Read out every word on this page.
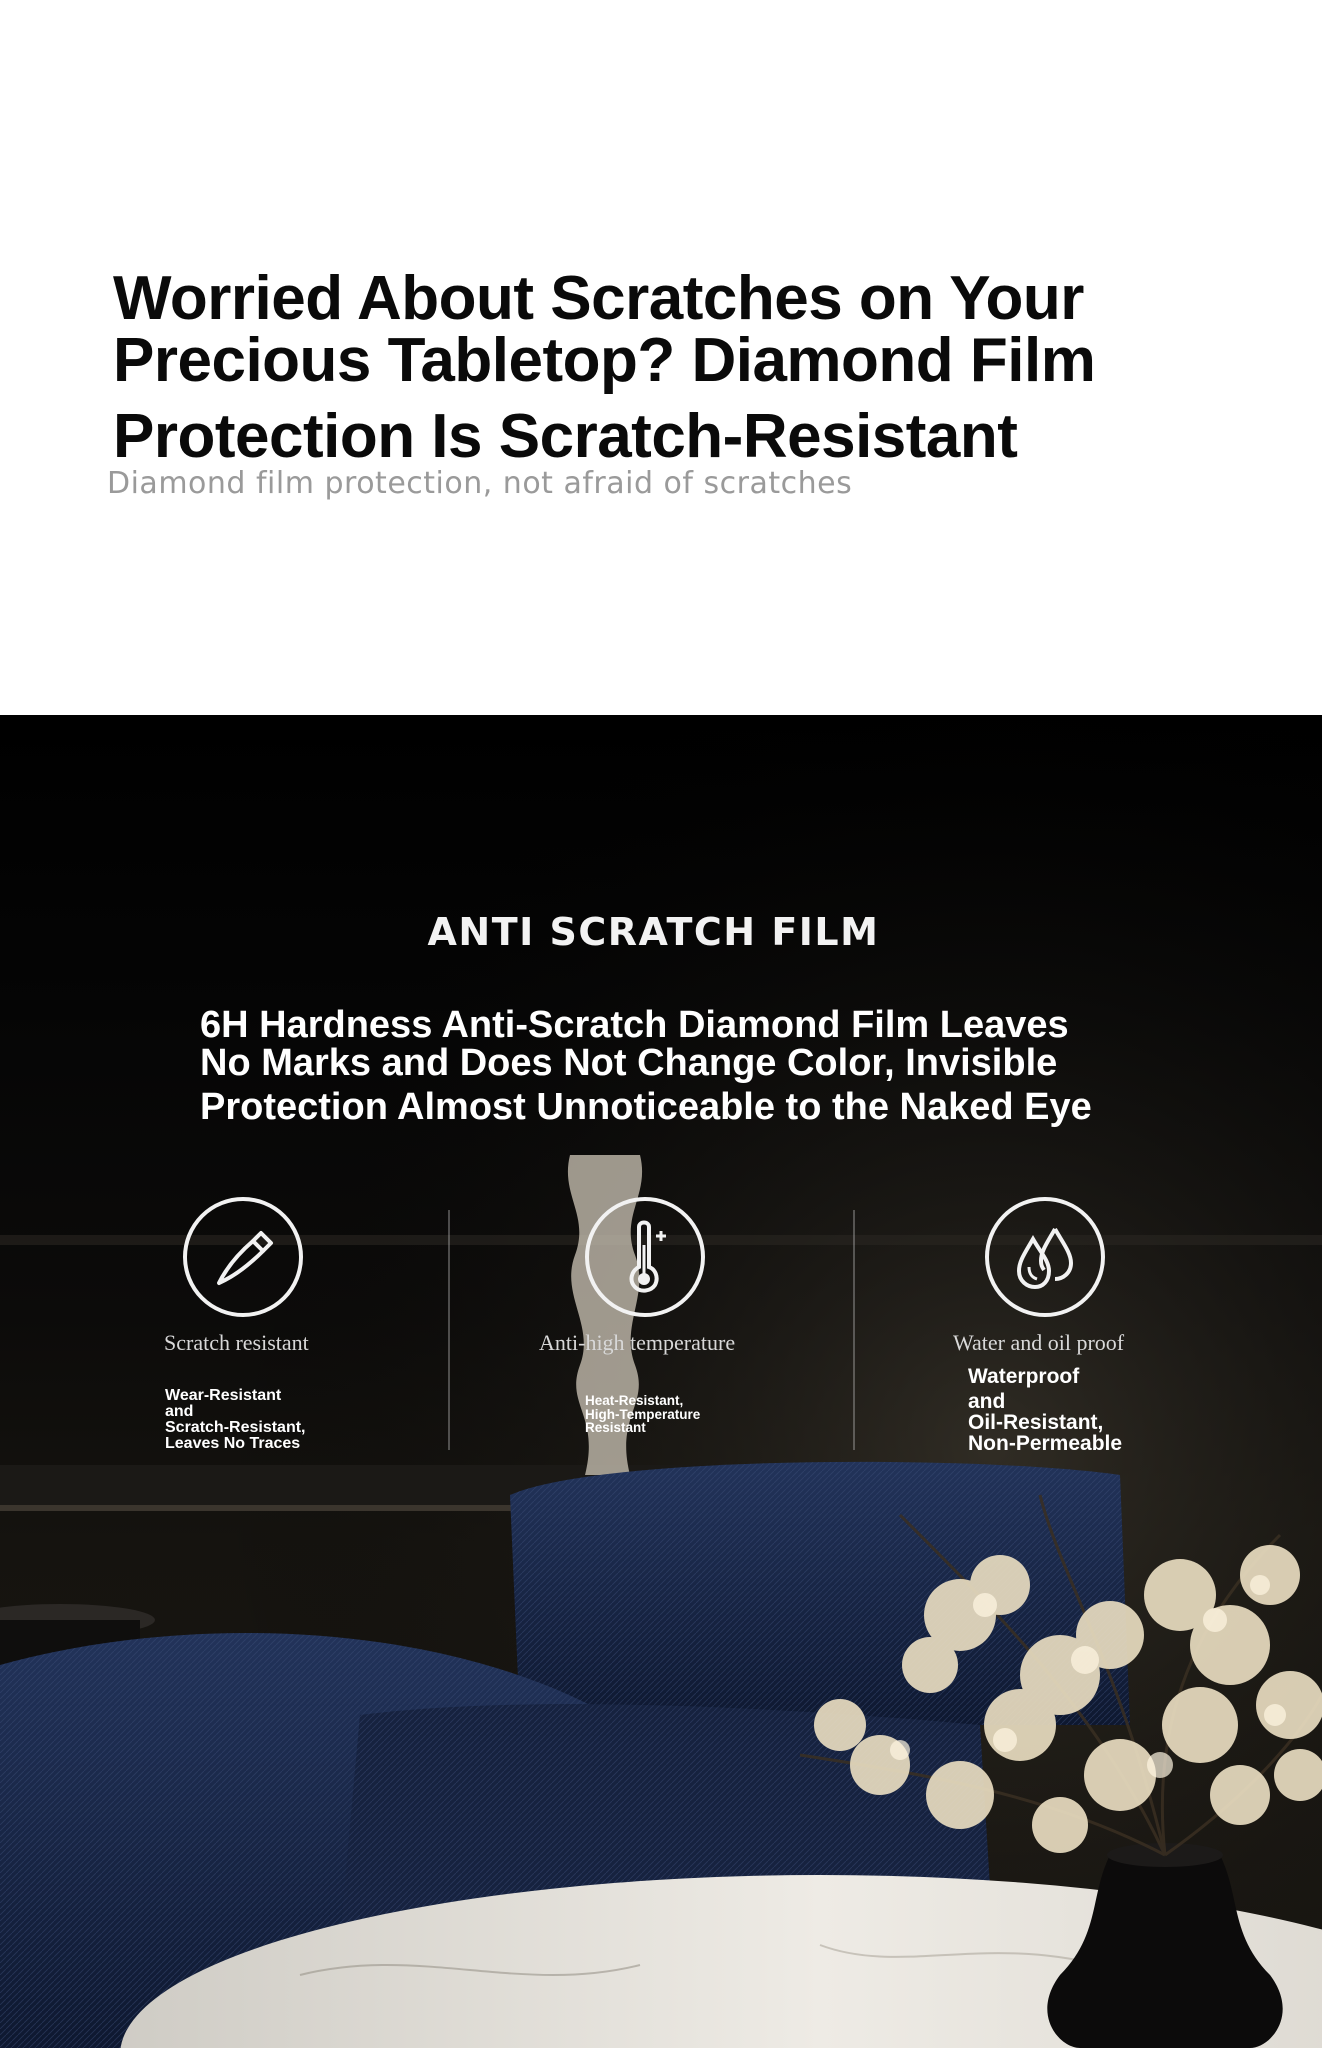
Worried About Scratches on Your
Precious Tabletop? Diamond Film
Protection Is Scratch-Resistant

Diamond film protection, not afraid of scratches

ANTI SCRATCH FILM
6H Hardness Anti-Scratch Diamond Film Leaves
No Marks and Does Not Change Color, Invisible
Protection Almost Unnoticeable to the Naked Eye
Scratch resistant
Wear-Resistant
and
Scratch-Resistant,
Leaves No Traces
Anti-high temperature
Heat-Resistant,
High-Temperature
Resistant
Water and oil proof
Waterproof
and
Oil-Resistant,
Non-Permeable
